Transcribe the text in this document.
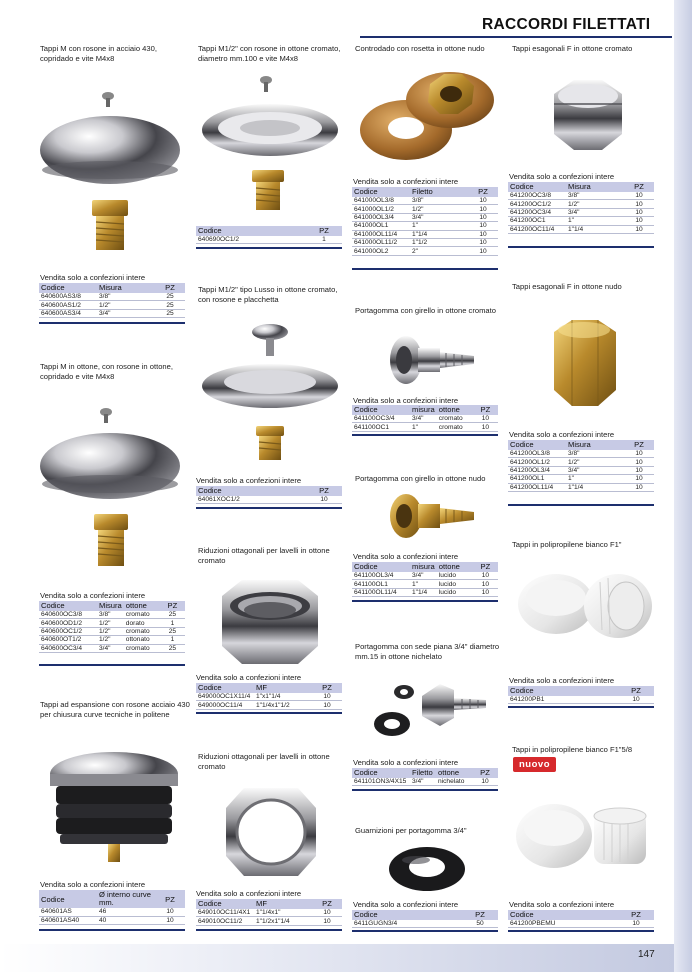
RACCORDI FILETTATI
Tappi M con rosone in acciaio 430, copridado e vite M4x8
Vendita solo a confezioni intere
Codice	Misura	PZ
640600AS3/8	3/8"	25
640600AS1/2	1/2"	25
640600AS3/4	3/4"	25
Tappi M in ottone, con rosone in ottone, copridado e vite M4x8
Vendita solo a confezioni intere
Codice	Misura	ottone	PZ
640600OC3/8	3/8"	cromato	25
640600OD1/2	1/2"	dorato	1
640600OC1/2	1/2"	cromato	25
640600OT1/2	1/2"	ottonato	1
640600OC3/4	3/4"	cromato	25
Tappi ad espansione con rosone acciaio 430 per chiusura curve tecniche in politene
Vendita solo a confezioni intere
Codice	Ø interno curve mm.	PZ
640601AS	46	10
640601AS40	40	10
Tappi M1/2" con rosone in ottone cromato, diametro mm.100 e vite M4x8
Codice	PZ
640690OC1/2	1
Tappi M1/2" tipo Lusso in ottone cromato, con rosone e placchetta
Vendita solo a confezioni intere
Codice	PZ
64061XOC1/2	10
Riduzioni ottagonali per lavelli in ottone cromato
Vendita solo a confezioni intere
Codice	MF	PZ
649000OC1X11/4	1"x1"1/4	10
649000OC11/4	1"1/4x1"1/2	10
Riduzioni ottagonali per lavelli in ottone cromato
Vendita solo a confezioni intere
Codice	MF	PZ
649010OC11/4X1	1"1/4x1"	10
649010OC11/2	1"1/2x1"1/4	10
Controdado con rosetta in ottone nudo
Vendita solo a confezioni intere
Codice	Filetto	PZ
641000OL3/8	3/8"	10
641000OL1/2	1/2"	10
641000OL3/4	3/4"	10
641000OL1	1"	10
641000OL11/4	1"1/4	10
641000OL11/2	1"1/2	10
641000OL2	2"	10
Portagomma con girello in ottone cromato
Vendita solo a confezioni intere
Codice	misura	ottone	PZ
641100OC3/4	3/4"	cromato	10
641100OC1	1"	cromato	10
Portagomma con girello in ottone nudo
Vendita solo a confezioni intere
Codice	misura	ottone	PZ
641100OL3/4	3/4"	lucido	10
641100OL1	1"	lucido	10
641100OL11/4	1"1/4	lucido	10
Portagomma con sede piana 3/4" diametro mm.15 in ottone nichelato
Vendita solo a confezioni intere
Codice	Filetto	ottone	PZ
641101ON3/4X15	3/4"	nichelato	10
Guarnizioni per portagomma 3/4"
Vendita solo a confezioni intere
Codice	PZ
6411GUGN3/4	50
Tappi esagonali F in ottone cromato
Vendita solo a confezioni intere
Codice	Misura	PZ
641200OC3/8	3/8"	10
641200OC1/2	1/2"	10
641200OC3/4	3/4"	10
641200OC1	1"	10
641200OC11/4	1"1/4	10
Tappi esagonali F in ottone nudo
Vendita solo a confezioni intere
Codice	Misura	PZ
641200OL3/8	3/8"	10
641200OL1/2	1/2"	10
641200OL3/4	3/4"	10
641200OL1	1"	10
641200OL11/4	1"1/4	10
Tappi in polipropilene bianco F1"
Vendita solo a confezioni intere
Codice	PZ
641200PB1	10
Tappi in polipropilene bianco F1"5/8
nuovo
Vendita solo a confezioni intere
Codice	PZ
641200PBEMU	10
147
